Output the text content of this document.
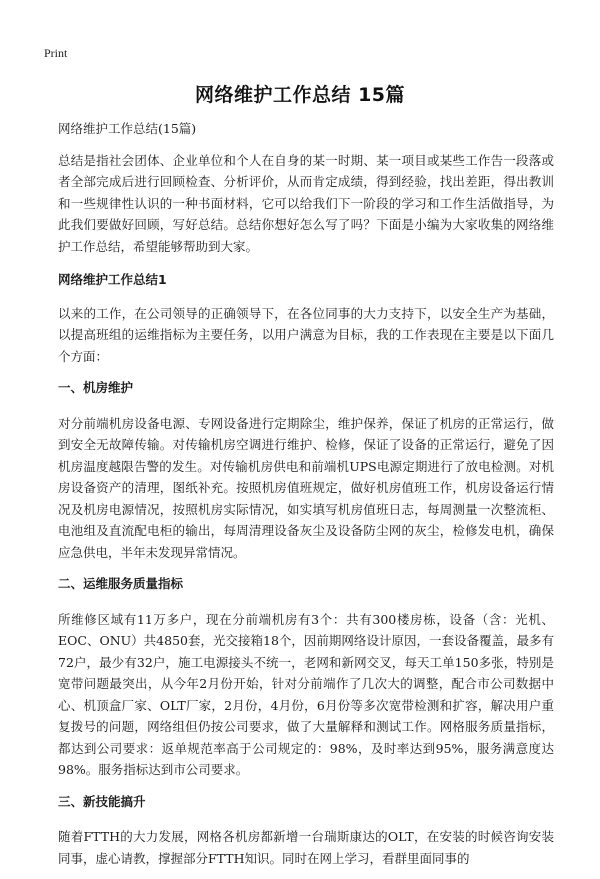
Print
网络维护工作总结 15篇

网络维护工作总结(15篇)

总结是指社会团体、企业单位和个人在自身的某一时期、某一项目或某些工作告一段落或者全部完成后进行回顾检查、分析评价，从而肯定成绩，得到经验，找出差距，得出教训和一些规律性认识的一种书面材料，它可以给我们下一阶段的学习和工作生活做指导，为此我们要做好回顾，写好总结。总结你想好怎么写了吗？下面是小编为大家收集的网络维护工作总结，希望能够帮助到大家。

网络维护工作总结1

以来的工作，在公司领导的正确领导下，在各位同事的大力支持下，以安全生产为基础，以提高班组的运维指标为主要任务，以用户满意为目标，我的工作表现在主要是以下面几个方面：

一、机房维护

对分前端机房设备电源、专网设备进行定期除尘，维护保养，保证了机房的正常运行，做到安全无故障传输。对传输机房空调进行维护、检修，保证了设备的正常运行，避免了因机房温度越限告警的发生。对传输机房供电和前端机UPS电源定期进行了放电检测。对机房设备资产的清理，图纸补充。按照机房值班规定，做好机房值班工作，机房设备运行情况及机房电源情况，按照机房实际情况，如实填写机房值班日志，每周测量一次整流柜、电池组及直流配电柜的输出，每周清理设备灰尘及设备防尘网的灰尘，检修发电机，确保应急供电，半年未发现异常情况。

二、运维服务质量指标

所维修区域有11万多户，现在分前端机房有3个：共有300楼房栋，设备（含：光机、EOC、ONU）共4850套，光交接箱18个，因前期网络设计原因，一套设备覆盖，最多有72户，最少有32户，施工电源接头不统一，老网和新网交叉，每天工单150多张，特别是宽带问题最突出，从今年2月份开始，针对分前端作了几次大的调整，配合市公司数据中心、机顶盒厂家、OLT厂家，2月份，4月份，6月份等多次宽带检测和扩容，解决用户重复拨号的问题，网络组但仍按公司要求，做了大量解释和测试工作。网格服务质量指标，都达到公司要求：返单规范率高于公司规定的：98%，及时率达到95%，服务满意度达98%。服务指标达到市公司要求。

三、新技能搞升

随着FTTH的大力发展，网格各机房都新增一台瑞斯康达的OLT，在安装的时候咨询安装同事，虚心请教，撑握部分FTTH知识。同时在网上学习，看群里面同事的
